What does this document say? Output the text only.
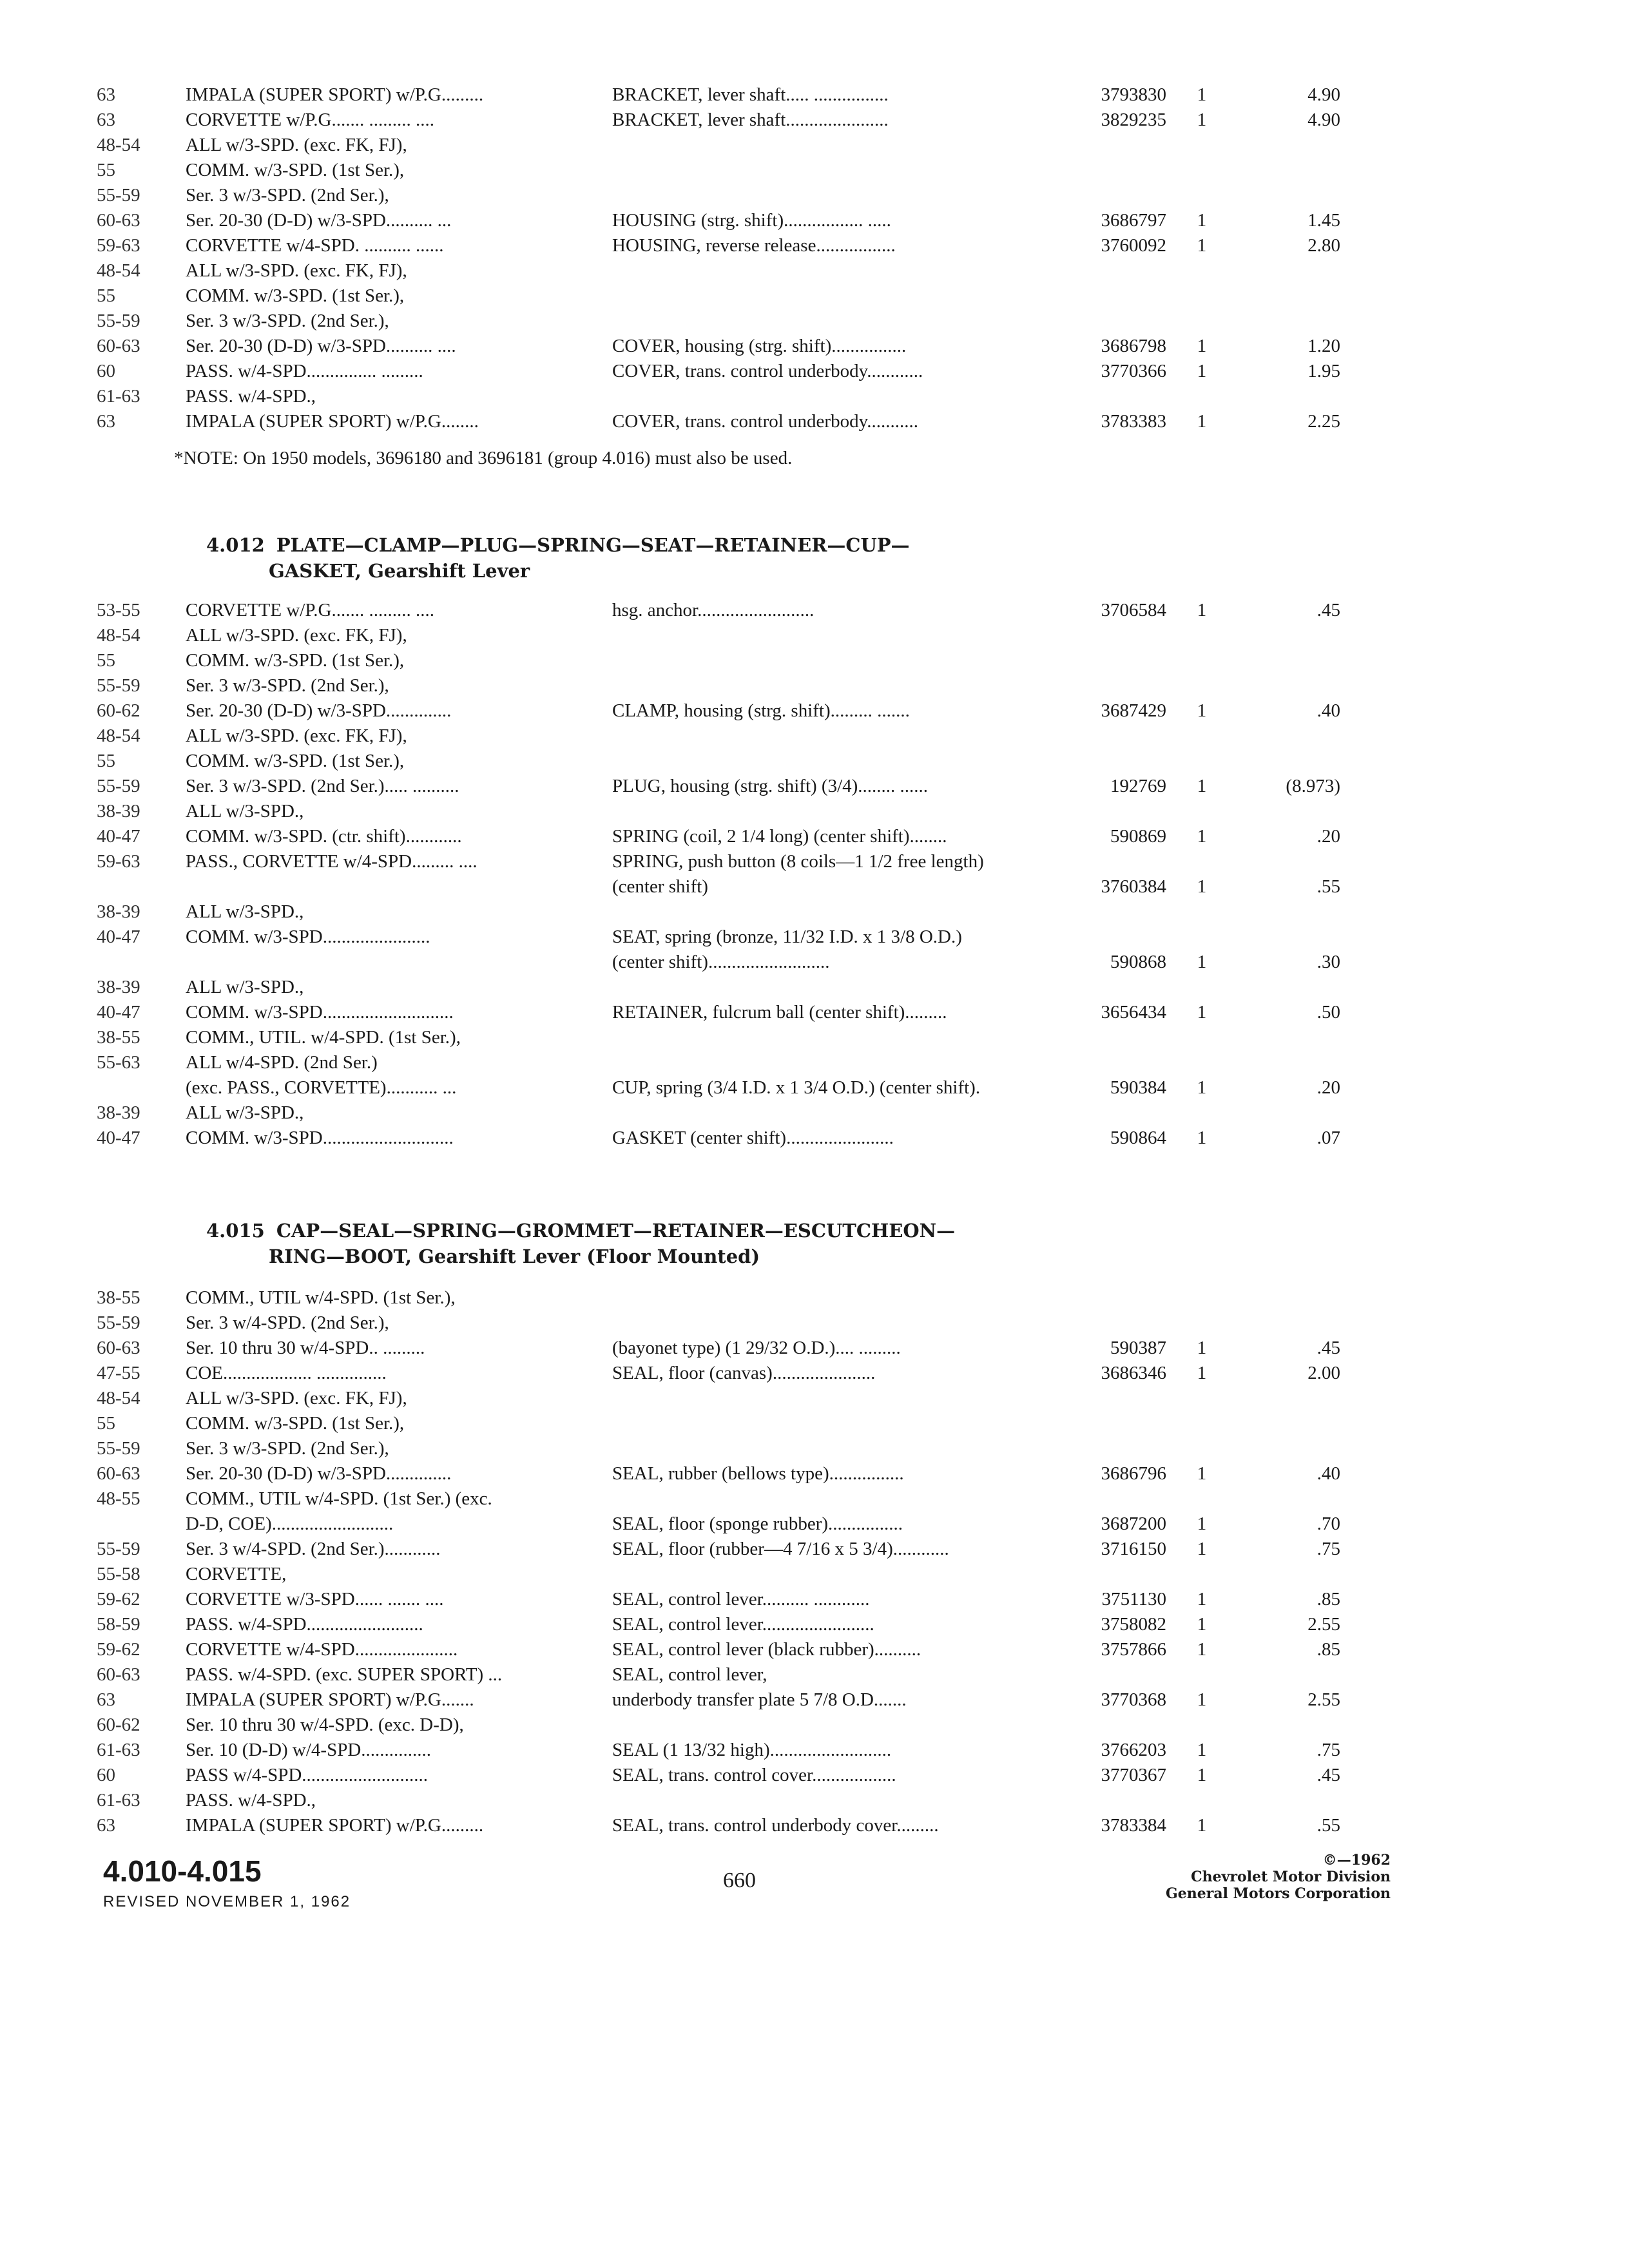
63	IMPALA (SUPER SPORT) w/P.G.........	BRACKET, lever shaft..... ................	3793830 1	4.90
63	CORVETTE w/P.G....... ......... ....	BRACKET, lever shaft......................	3829235 1	4.90
48-54	ALL w/3-SPD. (exc. FK, FJ),
55	COMM. w/3-SPD. (1st Ser.),
55-59	Ser. 3 w/3-SPD. (2nd Ser.),
60-63	Ser. 20-30 (D-D) w/3-SPD.......... ...	HOUSING (strg. shift)................. .....	3686797 1	1.45
59-63	CORVETTE w/4-SPD. .......... ......	HOUSING, reverse release.................	3760092 1	2.80
48-54	ALL w/3-SPD. (exc. FK, FJ),
55	COMM. w/3-SPD. (1st Ser.),
55-59	Ser. 3 w/3-SPD. (2nd Ser.),
60-63	Ser. 20-30 (D-D) w/3-SPD.......... ....	COVER, housing (strg. shift)................	3686798 1	1.20
60	PASS. w/4-SPD............... .........	COVER, trans. control underbody............	3770366 1	1.95
61-63	PASS. w/4-SPD.,
63	IMPALA (SUPER SPORT) w/P.G........	COVER, trans. control underbody...........	3783383 1	2.25
*NOTE: On 1950 models, 3696180 and 3696181 (group 4.016) must also be used.
4.012 PLATE—CLAMP—PLUG—SPRING—SEAT—RETAINER—CUP—
GASKET, Gearshift Lever
53-55	CORVETTE w/P.G....... ......... ....	hsg. anchor.........................	3706584 1	.45
48-54	ALL w/3-SPD. (exc. FK, FJ),
55	COMM. w/3-SPD. (1st Ser.),
55-59	Ser. 3 w/3-SPD. (2nd Ser.),
60-62	Ser. 20-30 (D-D) w/3-SPD..............	CLAMP, housing (strg. shift)......... .......	3687429 1	.40
48-54	ALL w/3-SPD. (exc. FK, FJ),
55	COMM. w/3-SPD. (1st Ser.),
55-59	Ser. 3 w/3-SPD. (2nd Ser.)..... ..........	PLUG, housing (strg. shift) (3/4)........ ......	192769 1	(8.973)
38-39	ALL w/3-SPD.,
40-47	COMM. w/3-SPD. (ctr. shift)............	SPRING (coil, 2 1/4 long) (center shift)........	590869 1	.20
59-63	PASS., CORVETTE w/4-SPD......... ....	SPRING, push button (8 coils—1 1/2 free length)
(center shift)	3760384 1	.55
38-39	ALL w/3-SPD.,
40-47	COMM. w/3-SPD.......................	SEAT, spring (bronze, 11/32 I.D. x 1 3/8 O.D.)
(center shift)..........................	590868 1	.30
38-39	ALL w/3-SPD.,
40-47	COMM. w/3-SPD............................	RETAINER, fulcrum ball (center shift).........	3656434 1	.50
38-55	COMM., UTIL. w/4-SPD. (1st Ser.),
55-63	ALL w/4-SPD. (2nd Ser.)
(exc. PASS., CORVETTE)........... ...	CUP, spring (3/4 I.D. x 1 3/4 O.D.) (center shift).	590384 1	.20
38-39	ALL w/3-SPD.,
40-47	COMM. w/3-SPD............................	GASKET (center shift).......................	590864 1	.07
4.015 CAP—SEAL—SPRING—GROMMET—RETAINER—ESCUTCHEON—
RING—BOOT, Gearshift Lever (Floor Mounted)
38-55	COMM., UTIL w/4-SPD. (1st Ser.),
55-59	Ser. 3 w/4-SPD. (2nd Ser.),
60-63	Ser. 10 thru 30 w/4-SPD.. .........	(bayonet type) (1 29/32 O.D.).... .........	590387 1	.45
47-55	COE................... ...............	SEAL, floor (canvas)......................	3686346 1	2.00
48-54	ALL w/3-SPD. (exc. FK, FJ),
55	COMM. w/3-SPD. (1st Ser.),
55-59	Ser. 3 w/3-SPD. (2nd Ser.),
60-63	Ser. 20-30 (D-D) w/3-SPD..............	SEAL, rubber (bellows type)................	3686796 1	.40
48-55	COMM., UTIL w/4-SPD. (1st Ser.) (exc.
D-D, COE)..........................	SEAL, floor (sponge rubber)................	3687200 1	.70
55-59	Ser. 3 w/4-SPD. (2nd Ser.)............	SEAL, floor (rubber—4 7/16 x 5 3/4)............	3716150 1	.75
55-58	CORVETTE,
59-62	CORVETTE w/3-SPD...... ....... ....	SEAL, control lever.......... ............	3751130 1	.85
58-59	PASS. w/4-SPD.........................	SEAL, control lever........................	3758082 1	2.55
59-62	CORVETTE w/4-SPD......................	SEAL, control lever (black rubber)..........	3757866 1	.85
60-63	PASS. w/4-SPD. (exc. SUPER SPORT) ...	SEAL, control lever,
63	IMPALA (SUPER SPORT) w/P.G.......	underbody transfer plate 5 7/8 O.D.......	3770368 1	2.55
60-62	Ser. 10 thru 30 w/4-SPD. (exc. D-D),
61-63	Ser. 10 (D-D) w/4-SPD...............	SEAL (1 13/32 high)..........................	3766203 1	.75
60	PASS w/4-SPD...........................	SEAL, trans. control cover..................	3770367 1	.45
61-63	PASS. w/4-SPD.,
63	IMPALA (SUPER SPORT) w/P.G.........	SEAL, trans. control underbody cover.........	3783384 1	.55
4.010-4.015
REVISED NOVEMBER 1, 1962
660
©—1962
Chevrolet Motor Division
General Motors Corporation
